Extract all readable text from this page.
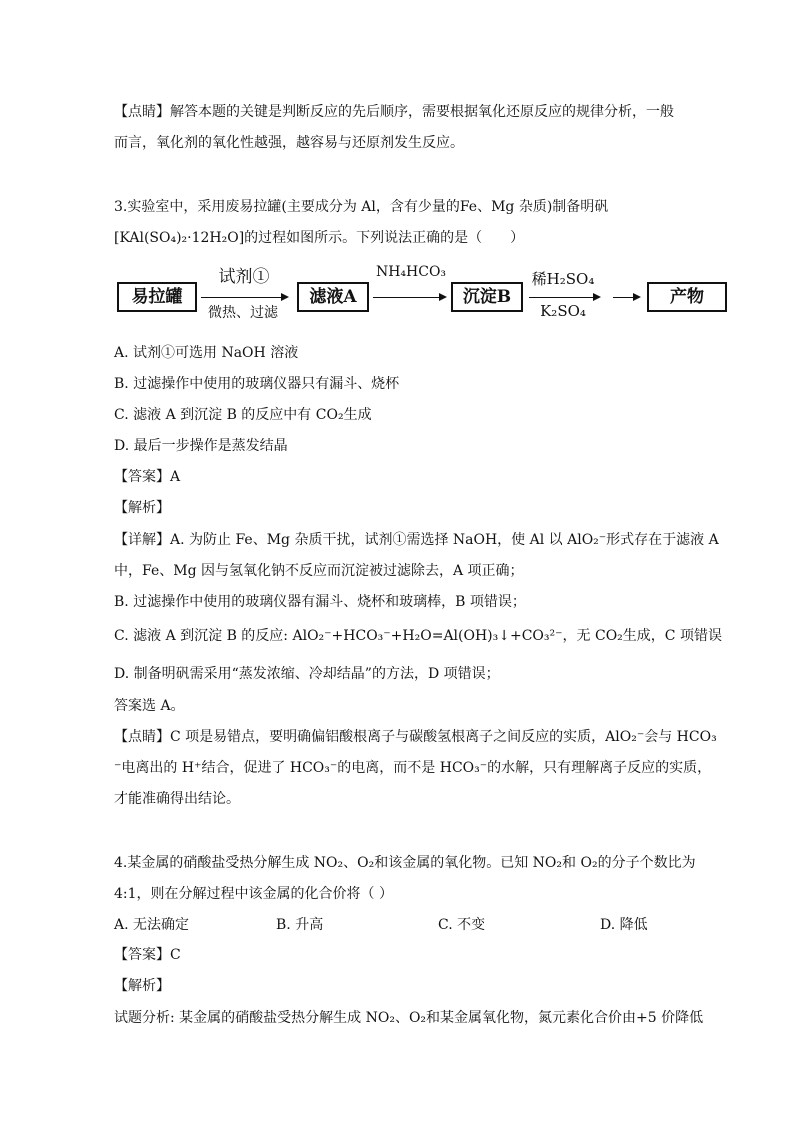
【点睛】解答本题的关键是判断反应的先后顺序，需要根据氧化还原反应的规律分析，一般
而言，氧化剂的氧化性越强，越容易与还原剂发生反应。
3.实验室中，采用废易拉罐(主要成分为 Al，含有少量的Fe、Mg 杂质)制备明矾
[KAl(SO₄)₂·12H₂O]的过程如图所示。下列说法正确的是（　　）
易拉罐
试剂①
微热、过滤
滤液A
NH₄HCO₃
沉淀B
稀H₂SO₄
K₂SO₄
产物
A. 试剂①可选用 NaOH 溶液
B. 过滤操作中使用的玻璃仪器只有漏斗、烧杯
C. 滤液 A 到沉淀 B 的反应中有 CO₂生成
D. 最后一步操作是蒸发结晶
【答案】A
【解析】
【详解】A. 为防止 Fe、Mg 杂质干扰，试剂①需选择 NaOH，使 Al 以 AlO₂⁻形式存在于滤液 A
中，Fe、Mg 因与氢氧化钠不反应而沉淀被过滤除去，A 项正确；
B. 过滤操作中使用的玻璃仪器有漏斗、烧杯和玻璃棒，B 项错误；
C. 滤液 A 到沉淀 B 的反应: AlO₂⁻+HCO₃⁻+H₂O=Al(OH)₃↓+CO₃²⁻，无 CO₂生成，C 项错误
D. 制备明矾需采用“蒸发浓缩、冷却结晶”的方法，D 项错误；
答案选 A。
【点睛】C 项是易错点，要明确偏铝酸根离子与碳酸氢根离子之间反应的实质，AlO₂⁻会与 HCO₃
⁻电离出的 H⁺结合，促进了 HCO₃⁻的电离，而不是 HCO₃⁻的水解，只有理解离子反应的实质，
才能准确得出结论。
4.某金属的硝酸盐受热分解生成 NO₂、O₂和该金属的氧化物。已知 NO₂和 O₂的分子个数比为
4:1，则在分解过程中该金属的化合价将（ ）
A. 无法确定	B. 升高	C. 不变	D. 降低
【答案】C
【解析】
试题分析: 某金属的硝酸盐受热分解生成 NO₂、O₂和某金属氧化物，氮元素化合价由+5 价降低
